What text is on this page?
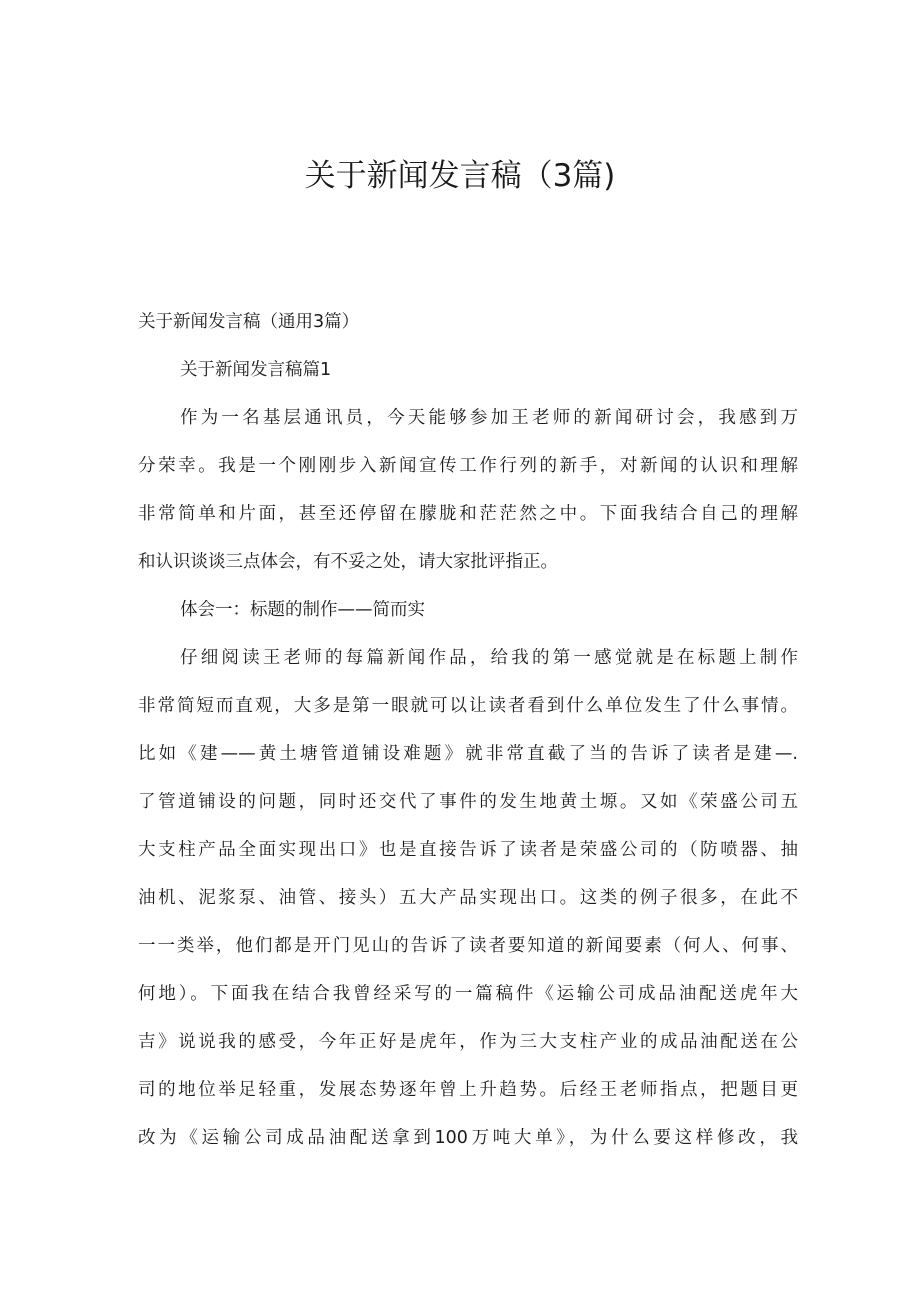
关于新闻发言稿（3篇)
关于新闻发言稿（通用3篇）
关于新闻发言稿篇1
作为一名基层通讯员，今天能够参加王老师的新闻研讨会，我感到万
分荣幸。我是一个刚刚步入新闻宣传工作行列的新手，对新闻的认识和理解
非常简单和片面，甚至还停留在朦胧和茫茫然之中。下面我结合自己的理解
和认识谈谈三点体会，有不妥之处，请大家批评指正。
体会一：标题的制作——简而实
仔细阅读王老师的每篇新闻作品，给我的第一感觉就是在标题上制作
非常简短而直观，大多是第一眼就可以让读者看到什么单位发生了什么事情。
比如《建——黄土塘管道铺设难题》就非常直截了当的告诉了读者是建—.
了管道铺设的问题，同时还交代了事件的发生地黄土塬。又如《荣盛公司五
大支柱产品全面实现出口》也是直接告诉了读者是荣盛公司的（防喷器、抽
油机、泥浆泵、油管、接头）五大产品实现出口。这类的例子很多，在此不
一一类举，他们都是开门见山的告诉了读者要知道的新闻要素（何人、何事、
何地）。下面我在结合我曾经采写的一篇稿件《运输公司成品油配送虎年大
吉》说说我的感受，今年正好是虎年，作为三大支柱产业的成品油配送在公
司的地位举足轻重，发展态势逐年曾上升趋势。后经王老师指点，把题目更
改为《运输公司成品油配送拿到100万吨大单》，为什么要这样修改，我
